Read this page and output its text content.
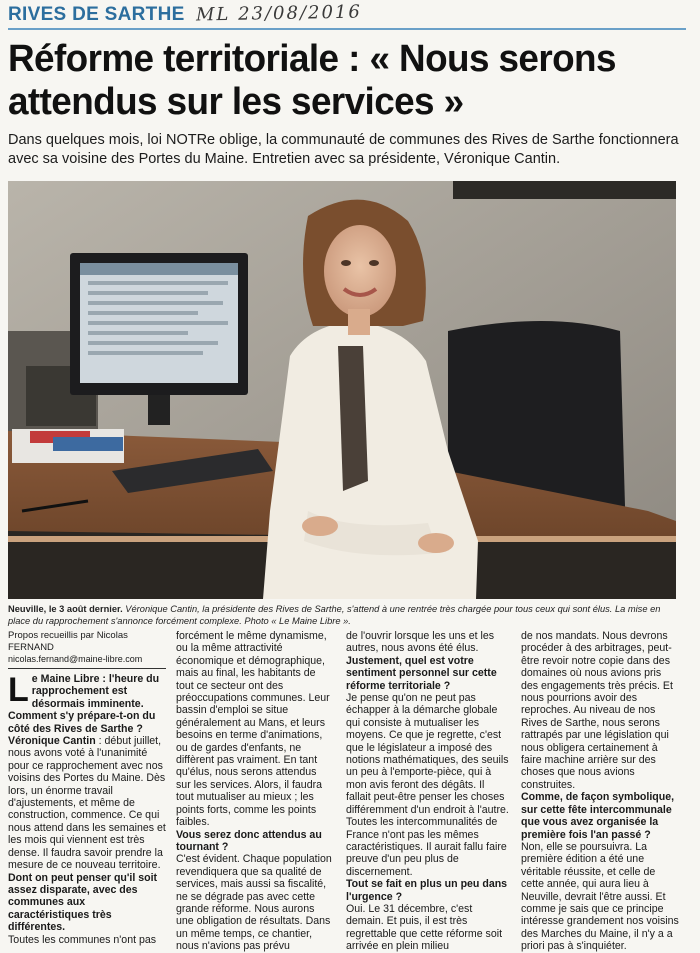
RIVES DE SARTHE ML 23/08/2016
Réforme territoriale : « Nous serons attendus sur les services »

Dans quelques mois, loi NOTRe oblige, la communauté de communes des Rives de Sarthe fonctionnera avec sa voisine des Portes du Maine. Entretien avec sa présidente, Véronique Cantin.

Neuville, le 3 août dernier. Véronique Cantin, la présidente des Rives de Sarthe, s'attend à une rentrée très chargée pour tous ceux qui sont élus. La mise en place du rapprochement s'annonce forcément complexe. Photo « Le Maine Libre ».

Propos recueillis par Nicolas FERNAND

nicolas.fernand@maine-libre.com

Le Maine Libre : l'heure du rapprochement est désormais imminente. Comment s'y prépare-t-on du côté des Rives de Sarthe ?

Véronique Cantin : début juillet, nous avons voté à l'unanimité pour ce rapprochement avec nos voisins des Portes du Maine. Dès lors, un énorme travail d'ajustements, et même de construction, commence. Ce qui nous attend dans les semaines et les mois qui viennent est très dense. Il faudra savoir prendre la mesure de ce nouveau territoire.

Dont on peut penser qu'il soit assez disparate, avec des communes aux caractéristiques très différentes.

Toutes les communes n'ont pas

forcément le même dynamisme, ou la même attractivité économique et démographique, mais au final, les habitants de tout ce secteur ont des préoccupations communes. Leur bassin d'emploi se situe généralement au Mans, et leurs besoins en terme d'animations, ou de gardes d'enfants, ne diffèrent pas vraiment. En tant qu'élus, nous serons attendus sur les services. Alors, il faudra tout mutualiser au mieux ; les points forts, comme les points faibles.

Vous serez donc attendus au tournant ?

C'est évident. Chaque population revendiquera que sa qualité de services, mais aussi sa fiscalité, ne se dégrade pas avec cette grande réforme. Nous aurons une obligation de résultats. Dans un même temps, ce chantier, nous n'avions pas prévu

de l'ouvrir lorsque les uns et les autres, nous avons été élus.

Justement, quel est votre sentiment personnel sur cette réforme territoriale ?

Je pense qu'on ne peut pas échapper à la démarche globale qui consiste à mutualiser les moyens. Ce que je regrette, c'est que le législateur a imposé des notions mathématiques, des seuils un peu à l'emporte-pièce, qui à mon avis feront des dégâts. Il fallait peut-être penser les choses différemment d'un endroit à l'autre. Toutes les intercommunalités de France n'ont pas les mêmes caractéristiques. Il aurait fallu faire preuve d'un peu plus de discernement.

Tout se fait en plus un peu dans l'urgence ?

Oui. Le 31 décembre, c'est demain. Et puis, il est très regrettable que cette réforme soit arrivée en plein milieu

de nos mandats. Nous devrons procéder à des arbitrages, peut-être revoir notre copie dans des domaines où nous avions pris des engagements très précis. Et nous pourrions avoir des reproches. Au niveau de nos Rives de Sarthe, nous serons rattrapés par une législation qui nous obligera certainement à faire machine arrière sur des choses que nous avions construites.

Comme, de façon symbolique, sur cette fête intercommunale que vous avez organisée la première fois l'an passé ?

Non, elle se poursuivra. La première édition a été une véritable réussite, et celle de cette année, qui aura lieu à Neuville, devrait l'être aussi. Et comme je sais que ce principe intéresse grandement nos voisins des Marches du Maine, il n'y a a priori pas à s'inquiéter.
